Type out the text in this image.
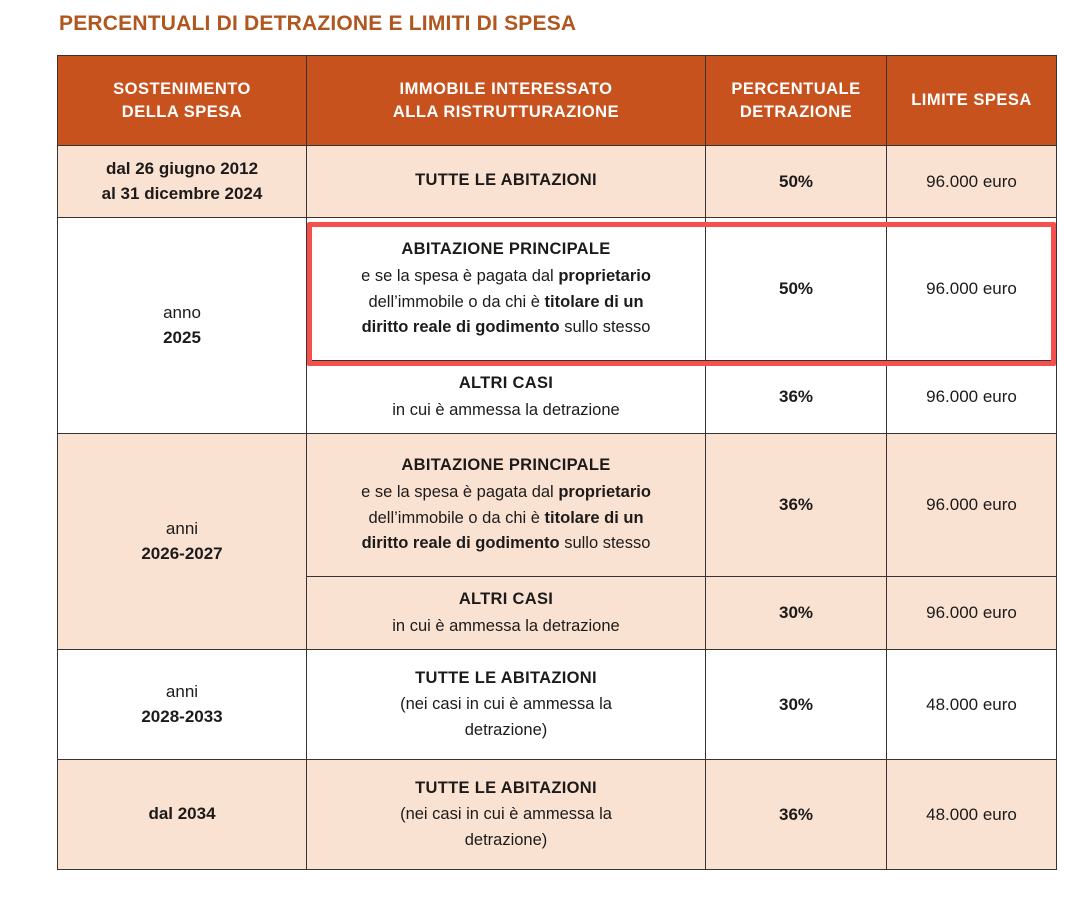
PERCENTUALI DI DETRAZIONE E LIMITI DI SPESA
SOSTENIMENTO
DELLA SPESA	IMMOBILE INTERESSATO
ALLA RISTRUTTURAZIONE	PERCENTUALE
DETRAZIONE	LIMITE SPESA

dal 26 giugno 2012
al 31 dicembre 2024	TUTTE LE ABITAZIONI	50%	96.000 euro

anno
2025	ABITAZIONE PRINCIPALE
e se la spesa è pagata dal proprietario
dell’immobile o da chi è titolare di un
diritto reale di godimento sullo stesso	50%	96.000 euro

	ALTRI CASI
in cui è ammessa la detrazione	36%	96.000 euro

anni
2026-2027	ABITAZIONE PRINCIPALE
e se la spesa è pagata dal proprietario
dell’immobile o da chi è titolare di un
diritto reale di godimento sullo stesso	36%	96.000 euro

	ALTRI CASI
in cui è ammessa la detrazione	30%	96.000 euro

anni
2028-2033	TUTTE LE ABITAZIONI
(nei casi in cui è ammessa la
detrazione)	30%	48.000 euro

dal 2034	TUTTE LE ABITAZIONI
(nei casi in cui è ammessa la
detrazione)	36%	48.000 euro
